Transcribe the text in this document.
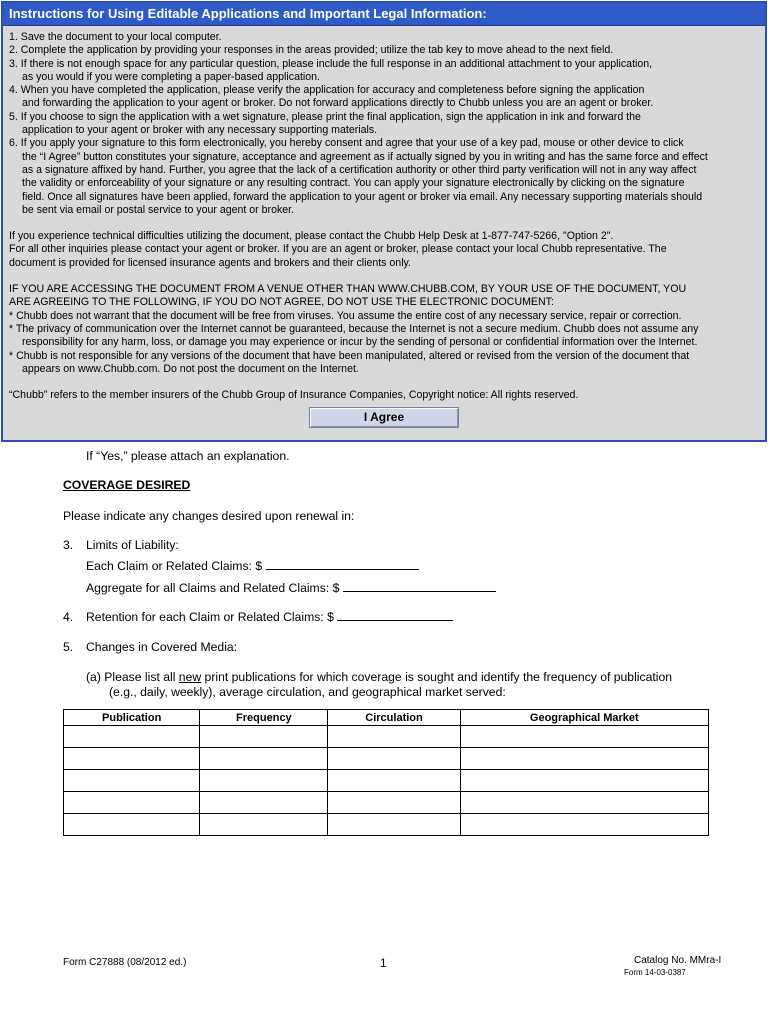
If “Yes,” please attach an explanation.
COVERAGE DESIRED
Please indicate any changes desired upon renewal in:
3. Limits of Liability:
Each Claim or Related Claims: $
Aggregate for all Claims and Related Claims: $
4. Retention for each Claim or Related Claims: $
5. Changes in Covered Media:
(a) Please list all new print publications for which coverage is sought and identify the frequency of publication
(e.g., daily, weekly), average circulation, and geographical market served:
Publication	Frequency	Circulation	Geographical Market

Form C27888 (08/2012 ed.)	1	Catalog No. MMra-I
Form 14-03-0387
Instructions for Using Editable Applications and Important Legal Information:

1. Save the document to your local computer.

2. Complete the application by providing your responses in the areas provided; utilize the tab key to move ahead to the next field.

3. If there is not enough space for any particular question, please include the full response in an additional attachment to your application,

as you would if you were completing a paper-based application.

4. When you have completed the application, please verify the application for accuracy and completeness before signing the application

and forwarding the application to your agent or broker. Do not forward applications directly to Chubb unless you are an agent or broker.

5. If you choose to sign the application with a wet signature, please print the final application, sign the application in ink and forward the

application to your agent or broker with any necessary supporting materials.

6. If you apply your signature to this form electronically, you hereby consent and agree that your use of a key pad, mouse or other device to click

the “I Agree” button constitutes your signature, acceptance and agreement as if actually signed by you in writing and has the same force and effect

as a signature affixed by hand. Further, you agree that the lack of a certification authority or other third party verification will not in any way affect

the validity or enforceability of your signature or any resulting contract. You can apply your signature electronically by clicking on the signature

field. Once all signatures have been applied, forward the application to your agent or broker via email. Any necessary supporting materials should

be sent via email or postal service to your agent or broker.

If you experience technical difficulties utilizing the document, please contact the Chubb Help Desk at 1-877-747-5266, "Option 2".

For all other inquiries please contact your agent or broker. If you are an agent or broker, please contact your local Chubb representative. The

document is provided for licensed insurance agents and brokers and their clients only.

IF YOU ARE ACCESSING THE DOCUMENT FROM A VENUE OTHER THAN WWW.CHUBB.COM, BY YOUR USE OF THE DOCUMENT, YOU

ARE AGREEING TO THE FOLLOWING, IF YOU DO NOT AGREE, DO NOT USE THE ELECTRONIC DOCUMENT:

* Chubb does not warrant that the document will be free from viruses. You assume the entire cost of any necessary service, repair or correction.

* The privacy of communication over the Internet cannot be guaranteed, because the Internet is not a secure medium. Chubb does not assume any

responsibility for any harm, loss, or damage you may experience or incur by the sending of personal or confidential information over the Internet.

* Chubb is not responsible for any versions of the document that have been manipulated, altered or revised from the version of the document that

appears on www.Chubb.com. Do not post the document on the Internet.

“Chubb” refers to the member insurers of the Chubb Group of Insurance Companies, Copyright notice: All rights reserved.

I Agree
